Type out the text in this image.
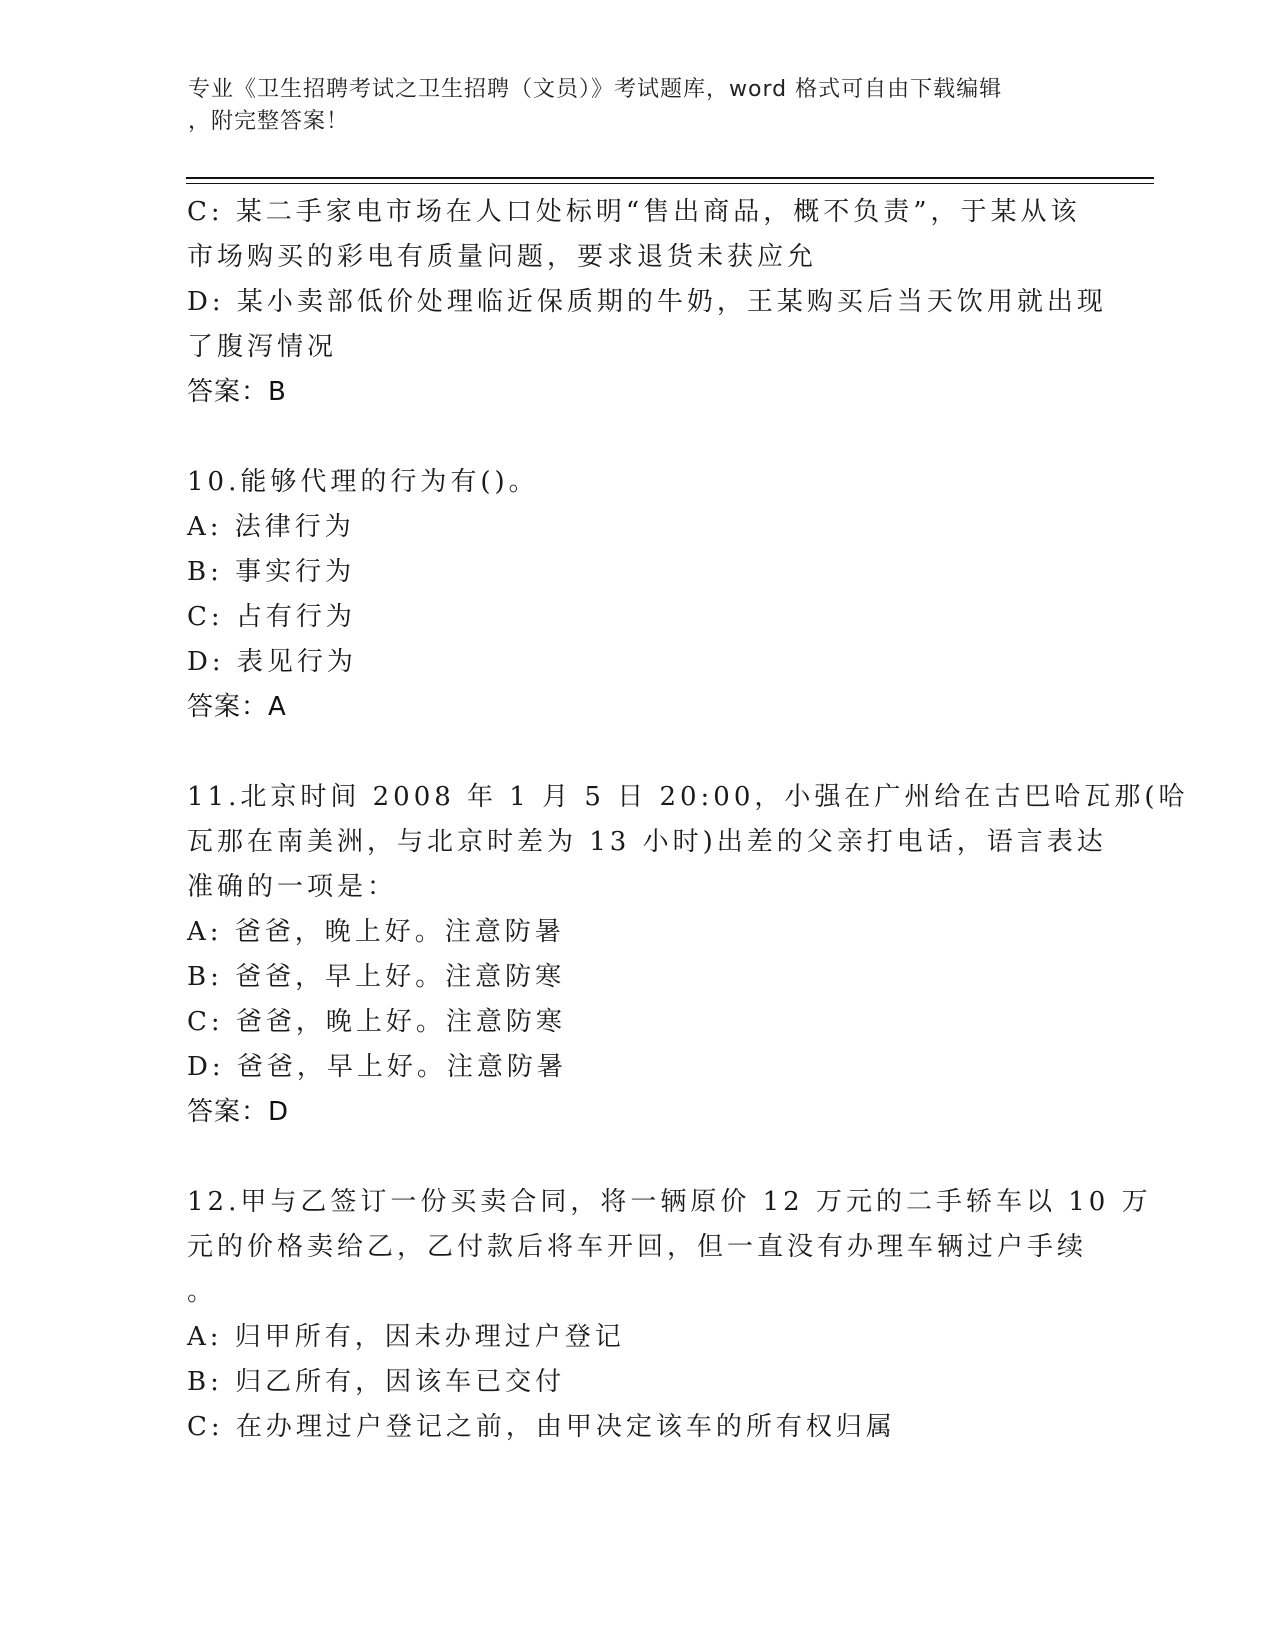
专业《卫生招聘考试之卫生招聘（文员）》考试题库，word 格式可自由下载编辑
，附完整答案！
C: 某二手家电市场在人口处标明“售出商品，概不负责”，于某从该
市场购买的彩电有质量问题，要求退货未获应允
D: 某小卖部低价处理临近保质期的牛奶，王某购买后当天饮用就出现
了腹泻情况
答案：B
10.能够代理的行为有()。
A: 法律行为
B: 事实行为
C: 占有行为
D: 表见行为
答案：A
11.北京时间 2008 年 1 月 5 日 20:00，小强在广州给在古巴哈瓦那(哈
瓦那在南美洲，与北京时差为 13 小时)出差的父亲打电话，语言表达
准确的一项是：
A: 爸爸，晚上好。注意防暑
B: 爸爸，早上好。注意防寒
C: 爸爸，晚上好。注意防寒
D: 爸爸，早上好。注意防暑
答案：D
12.甲与乙签订一份买卖合同，将一辆原价 12 万元的二手轿车以 10 万
元的价格卖给乙，乙付款后将车开回，但一直没有办理车辆过户手续
。
A: 归甲所有，因未办理过户登记
B: 归乙所有，因该车已交付
C: 在办理过户登记之前，由甲决定该车的所有权归属
